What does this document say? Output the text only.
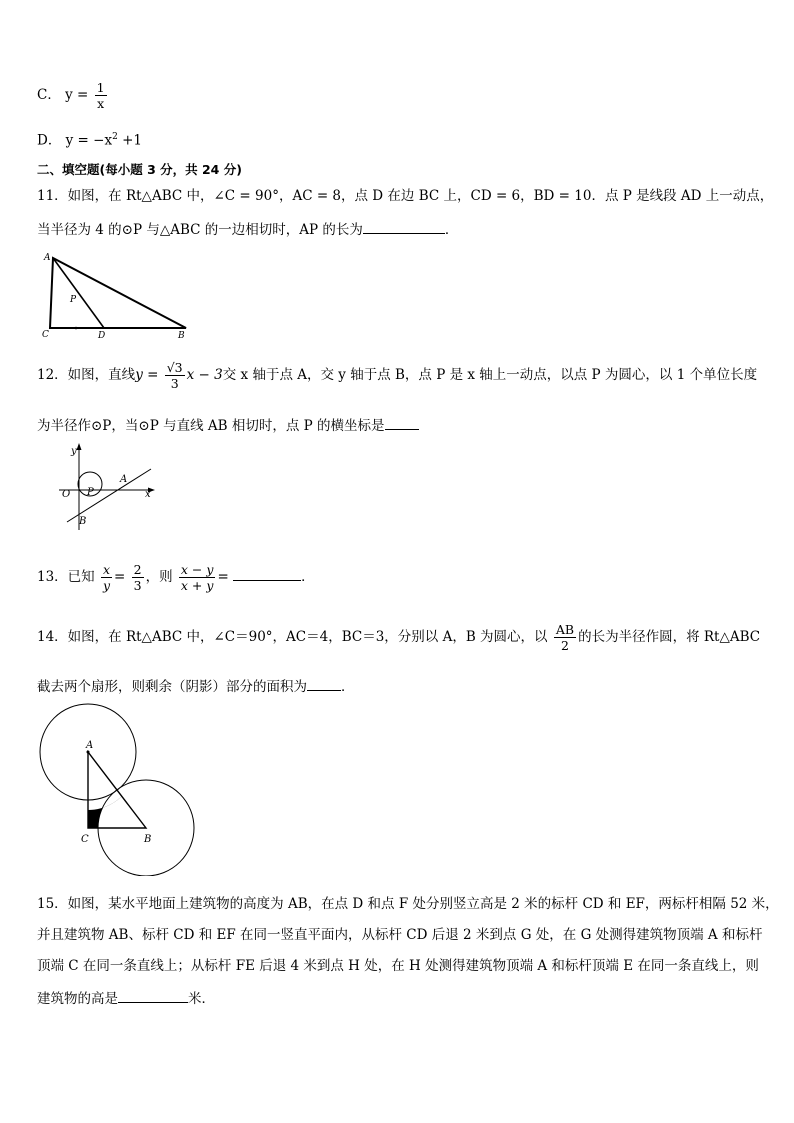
C． $y = \frac{1}{x}$
D． $y = -x^2 +1$
二、填空题(每小题 3 分，共 24 分)
11．如图，在 Rt△ABC 中，∠C = 90°，AC = 8，点 D 在边 BC 上，CD = 6，BD = 10．点 P 是线段 AD 上一动点，
当半径为 4 的⊙P 与△ABC 的一边相切时，AP 的长为	．
A
P
C	D	B
12．如图，直线$y = \frac{√3}{3}$ x − 3交 x 轴于点 A，交 y 轴于点 B，点 P 是 x 轴上一动点，以点 P 为圆心，以 1 个单位长度
为半径作⊙P，当⊙P 与直线 AB 相切时，点 P 的横坐标是
y
A
O P	x
B
13．已知 $\frac{x}{y} = \frac{2}{3}$ ，则 $\frac{x - y}{x + y}$ =	．
14．如图，在 Rt△ABC 中，∠C＝90°，AC＝4，BC＝3，分别以 A，B 为圆心，以 $\frac{AB}{2}$ 的长为半径作圆，将 Rt△ABC
截去两个扇形，则剩余（阴影）部分的面积为	．
A
C	B
15．如图，某水平地面上建筑物的高度为 AB，在点 D 和点 F 处分别竖立高是 2 米的标杆 CD 和 EF，两标杆相隔 52 米，
并且建筑物 AB、标杆 CD 和 EF 在同一竖直平面内，从标杆 CD 后退 2 米到点 G 处，在 G 处测得建筑物顶端 A 和标杆
顶端 C 在同一条直线上；从标杆 FE 后退 4 米到点 H 处，在 H 处测得建筑物顶端 A 和标杆顶端 E 在同一条直线上，则
建筑物的高是	米．
